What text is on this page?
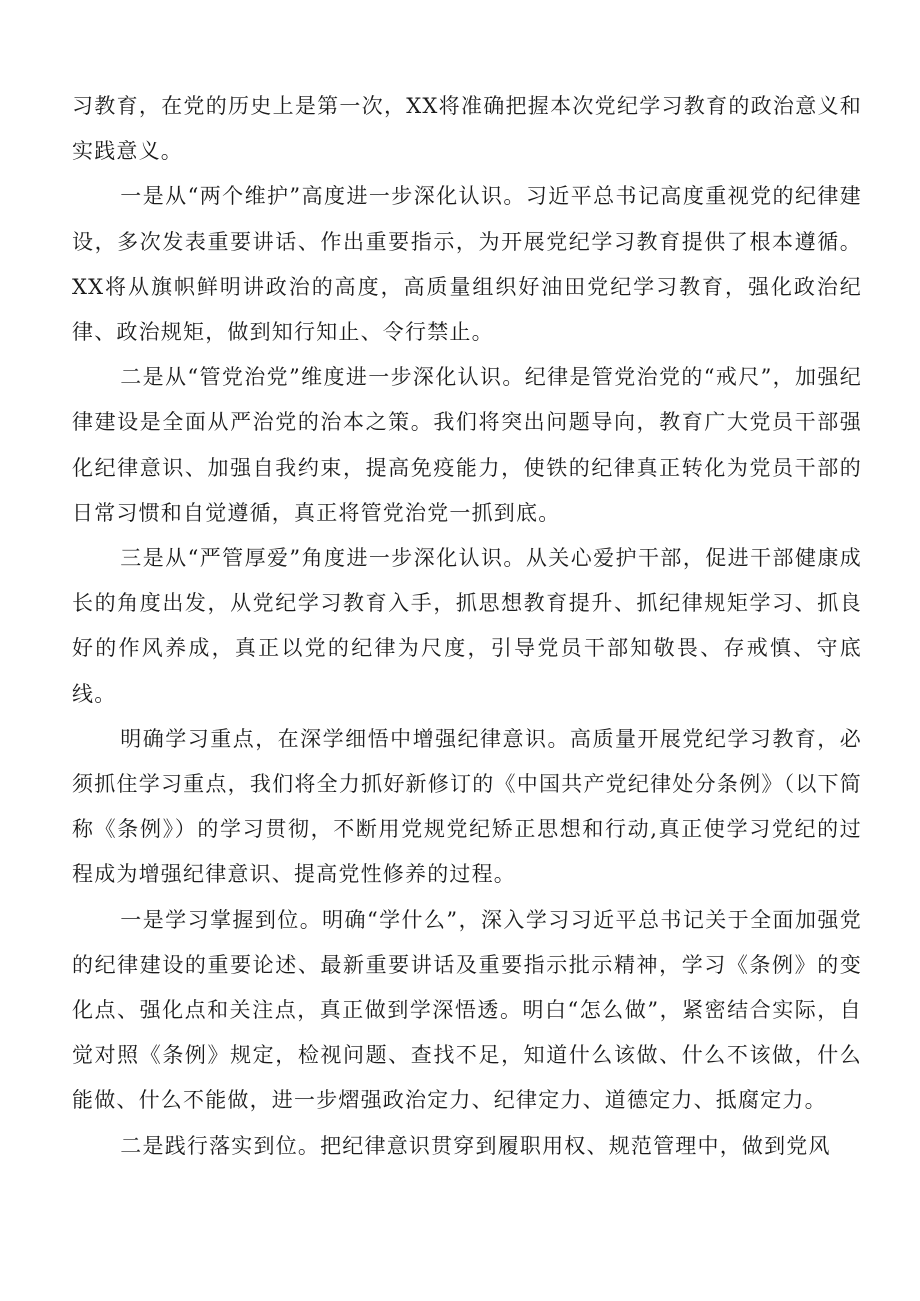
习教育，在党的历史上是第一次，XX将准确把握本次党纪学习教育的政治意义和实践意义。

一是从“两个维护”高度进一步深化认识。习近平总书记高度重视党的纪律建设，多次发表重要讲话、作出重要指示，为开展党纪学习教育提供了根本遵循。XX将从旗帜鲜明讲政治的高度，高质量组织好油田党纪学习教育，强化政治纪律、政治规矩，做到知行知止、令行禁止。

二是从“管党治党”维度进一步深化认识。纪律是管党治党的“戒尺”，加强纪律建设是全面从严治党的治本之策。我们将突出问题导向，教育广大党员干部强化纪律意识、加强自我约束，提高免疫能力，使铁的纪律真正转化为党员干部的日常习惯和自觉遵循，真正将管党治党一抓到底。

三是从“严管厚爱”角度进一步深化认识。从关心爱护干部，促进干部健康成长的角度出发，从党纪学习教育入手，抓思想教育提升、抓纪律规矩学习、抓良好的作风养成，真正以党的纪律为尺度，引导党员干部知敬畏、存戒慎、守底线。

明确学习重点，在深学细悟中增强纪律意识。高质量开展党纪学习教育，必须抓住学习重点，我们将全力抓好新修订的《中国共产党纪律处分条例》（以下简称《条例》）的学习贯彻，不断用党规党纪矫正思想和行动,真正使学习党纪的过程成为增强纪律意识、提高党性修养的过程。

一是学习掌握到位。明确“学什么”，深入学习习近平总书记关于全面加强党的纪律建设的重要论述、最新重要讲话及重要指示批示精神，学习《条例》的变化点、强化点和关注点，真正做到学深悟透。明白“怎么做”，紧密结合实际，自觉对照《条例》规定，检视问题、查找不足，知道什么该做、什么不该做，什么能做、什么不能做，进一步熠强政治定力、纪律定力、道德定力、抵腐定力。

二是践行落实到位。把纪律意识贯穿到履职用权、规范管理中，做到党风
